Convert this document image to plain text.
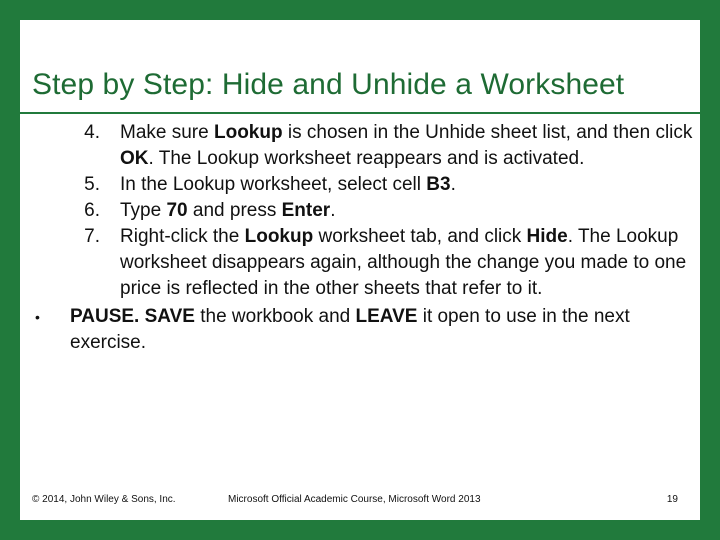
Step by Step: Hide and Unhide a Worksheet
4. Make sure Lookup is chosen in the Unhide sheet list, and then click OK. The Lookup worksheet reappears and is activated.
5. In the Lookup worksheet, select cell B3.
6. Type 70 and press Enter.
7. Right-click the Lookup worksheet tab, and click Hide. The Lookup worksheet disappears again, although the change you made to one price is reflected in the other sheets that refer to it.
• PAUSE. SAVE the workbook and LEAVE it open to use in the next exercise.
© 2014, John Wiley & Sons, Inc.	Microsoft Official Academic Course, Microsoft Word 2013	19
